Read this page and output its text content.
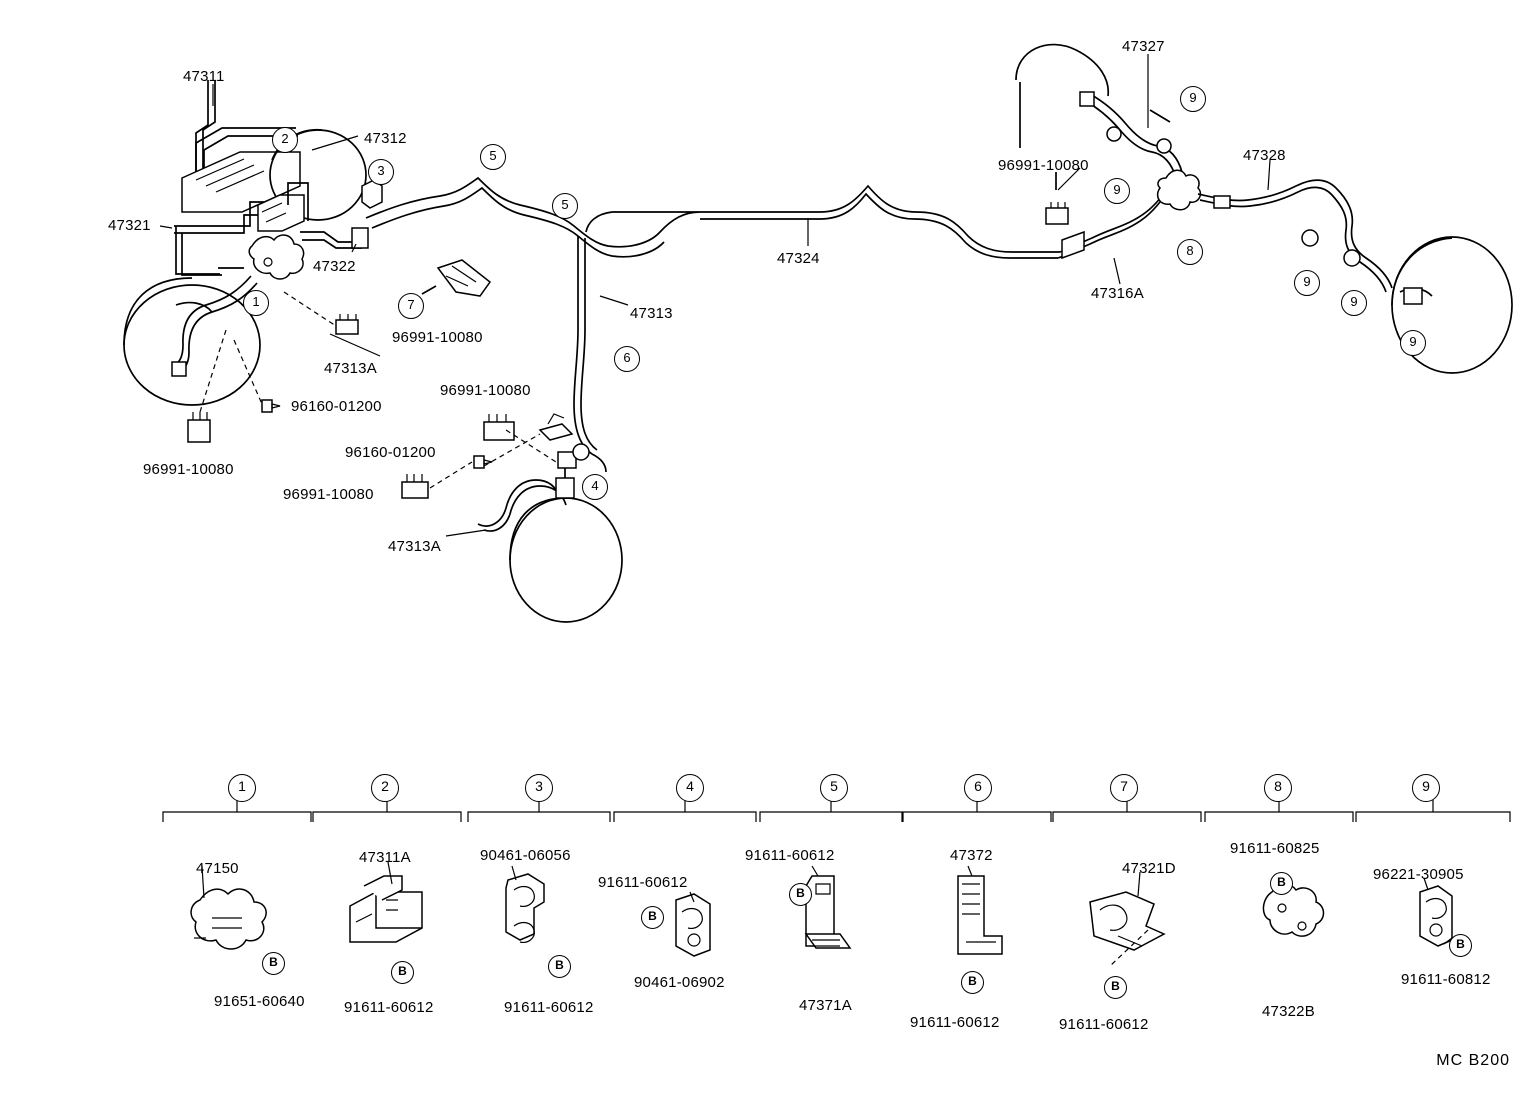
47311
47312
47321
47322
47313
47313A
96991-10080
96160-01200
96991-10080
96991-10080
96160-01200
96991-10080
47313A
47324
47327
96991-10080
47316A
47328
1
2
3
4
5
5
6
7
8
9
9
9
9
9
1	2	3	4	5	6	7	8	9
47150
91651-60640
B
47311A
91611-60612
B
90461-06056
91611-60612
B
91611-60612
90461-06902
B
91611-60612
47371A
B
47372
91611-60612
B
47321D
91611-60612
B
91611-60825
47322B
B	96221-30905
91611-60812
B
MC B200
